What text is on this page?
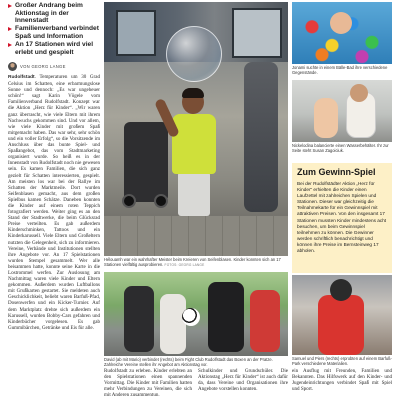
Großer Andrang beim Aktionstag in der Innenstadt
Familienverband verbindet Spaß und Information
An 17 Stationen wird viel erlebt und gespielt
VON GEORG LANGE
Rudolfstadt. Temperaturen um 30 Grad Celsius im Schatten, eine erbarmungslose Sonne und dennoch: „Es war ungeheuer schön!“ sagt Karin Vögele vom Familienverband Rudolfstadt. Konzept war die Aktion „Herz für Kinder“. „Wir waren ganz überrascht, wie viele Eltern mit ihrem Nachwuchs gekommen sind. Und vor allem, wie viele Kinder mit großem Spaß mitgemacht haben. Das war sehr, sehr schön und ein voller Erfolg“, so die Vorsitzende im Anschluss über das bunte Spiel- und Spaßangebot, das vom Stadtmarketing organisiert wurde. So heiß es in der Innenstadt von Rudolfstadt noch nie gewesen sein. Es kamen Familien, die sich ganz gezielt für Schatten interessierten, gespielt. Am meisten los war bei der Rallye im Schatten der Marktmeile. Dort wurden Seifenblasen gemacht, aus dem großen Spielbus kamen Schätze. Daneben konnten die Kinder auf einem roten Teppich fotografiert werden. Weiter ging es an den Stand der Stadtwerke, die beim Glücksrad Preise verteilten. Es gab außerdem Kinderschminken, Tattoos und ein Kinderkarussell. Viele Eltern und Großeltern nutzten die Gelegenheit, sich zu informieren. Vereine, Verbände und Institutionen stellten ihre Angebote vor. An 17 Spielstationen wurden Stempel gesammelt. Wer alle beisammen hatte, konnte seine Karte in die Lostrommel werfen. Zur Auslosung am Nachmittag waren viele Kinder und Eltern gekommen. Außerdem wurden Luftballons mit Grußkarten gestartet. Sie meldeten auch Geschicklichkeit, beliebt waren Barfuß-Pfad, Dosenwerfen und ein Kicker-Turnier. Auf dem Marktplatz drehte sich außerdem ein Karussell, wurden Bobby-Cars gefahren und Kinderbücher vorgelesen. Es gab Gummibärchen, Getränke und Eis für alle.
Hélouamh war ein wahrhafter Meister beim Kreieren von Seifenblasen. Kinder konnten sich an 17 Stationen vielfältig ausprobieren. FOTOS: GEORG LANGE
Jonami suchte in einem Bälle-Bad ihre verschiedene Gegenstände.
Nickelodina balancierte einen Wasserbehälter. Ihr zur Seite steht Susan Zagoiciuk.
Zum Gewinn-Spiel
Bei der Rudolfstädter Aktion „Herz für Kinder“ erhielten die Kinder einen Laufzettel mit zahlreichen Spielen und Stationen. Dieser war gleichzeitig die Teilnahmekarte für ein Gewinnspiel mit attraktiven Preisen. Von den insgesamt 17 Stationen mussten Kinder mindestens acht besuchen, um beim Gewinnspiel teilnehmen zu können. Die Gewinner werden schriftlich benachrichtigt und können ihre Preise im Bernsteinweg 17 abholen.
David (ab mit Mario) verbindet (rechts) beim Fight Club Rudolfstadt das Boxen an der Pratze. Zahlreiche Vereine stellen ihr Angebot am Aktionstag vor.
Samuel und Piers (rechts) erprobten auf einem Barfuß-Park verschiedene Materialien.
Rudolfstadt zu erleben. Kinder erlebten an den Spielstationen einen spannenden Vormittag. Die Kinder mit Familien hatten mehr Verbindungen zu Vereinen, die sich mit Anderen zusammentun.
Schulkinder und Grundschüler. Die Aktionstag „Herz für Kinder“ ist auch dafür da, dass Vereine und Organisationen ihre Angebote vorstellen konnten.
ein Ausflug mit Freunden, Familien und Bekannten. Das Hilfswerk auf den Kinder- und Jugendeinrichtungen verbindet Spaß mit Spiel und Sport.
